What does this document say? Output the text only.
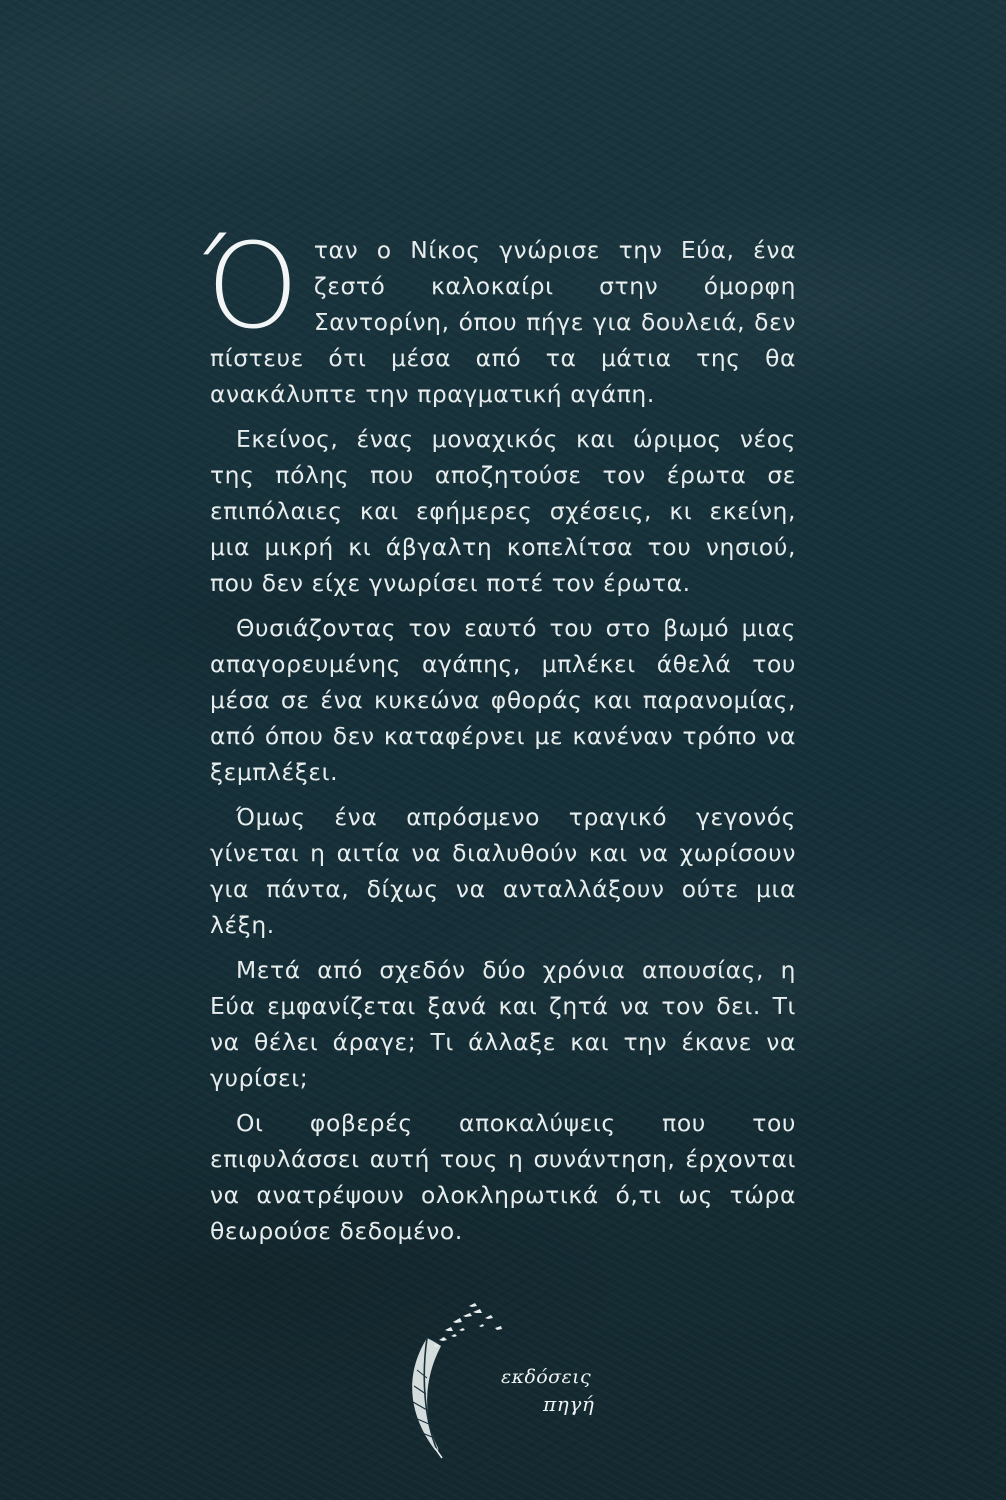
Όταν ο Νίκος γνώρισε την Εύα, ένα ζεστό καλοκαίρι στην όμορφη Σαντορίνη, όπου πήγε για δουλειά, δεν πίστευε ότι μέσα από τα μάτια της θα ανακάλυπτε την πραγματική αγάπη.

Εκείνος, ένας μοναχικός και ώριμος νέος της πόλης που αποζητούσε τον έρωτα σε επιπόλαιες και εφήμερες σχέσεις, κι εκείνη, μια μικρή κι άβγαλτη κοπελίτσα του νησιού, που δεν είχε γνωρίσει ποτέ τον έρωτα.

Θυσιάζοντας τον εαυτό του στο βωμό μιας απαγορευμένης αγάπης, μπλέκει άθελά του μέσα σε ένα κυκεώνα φθοράς και παρανομίας, από όπου δεν καταφέρνει με κανέναν τρόπο να ξεμπλέξει.

Όμως ένα απρόσμενο τραγικό γεγονός γίνεται η αιτία να διαλυθούν και να χωρίσουν για πάντα, δίχως να ανταλλάξουν ούτε μια λέξη.

Μετά από σχεδόν δύο χρόνια απουσίας, η Εύα εμφανίζεται ξανά και ζητά να τον δει. Τι να θέλει άραγε; Τι άλλαξε και την έκανε να γυρίσει;

Οι φοβερές αποκαλύψεις που του επιφυλάσσει αυτή τους η συνάντηση, έρχονται να ανατρέψουν ολοκληρωτικά ό,τι ως τώρα θεωρούσε δεδομένο.

εκδόσεις
πηγή
